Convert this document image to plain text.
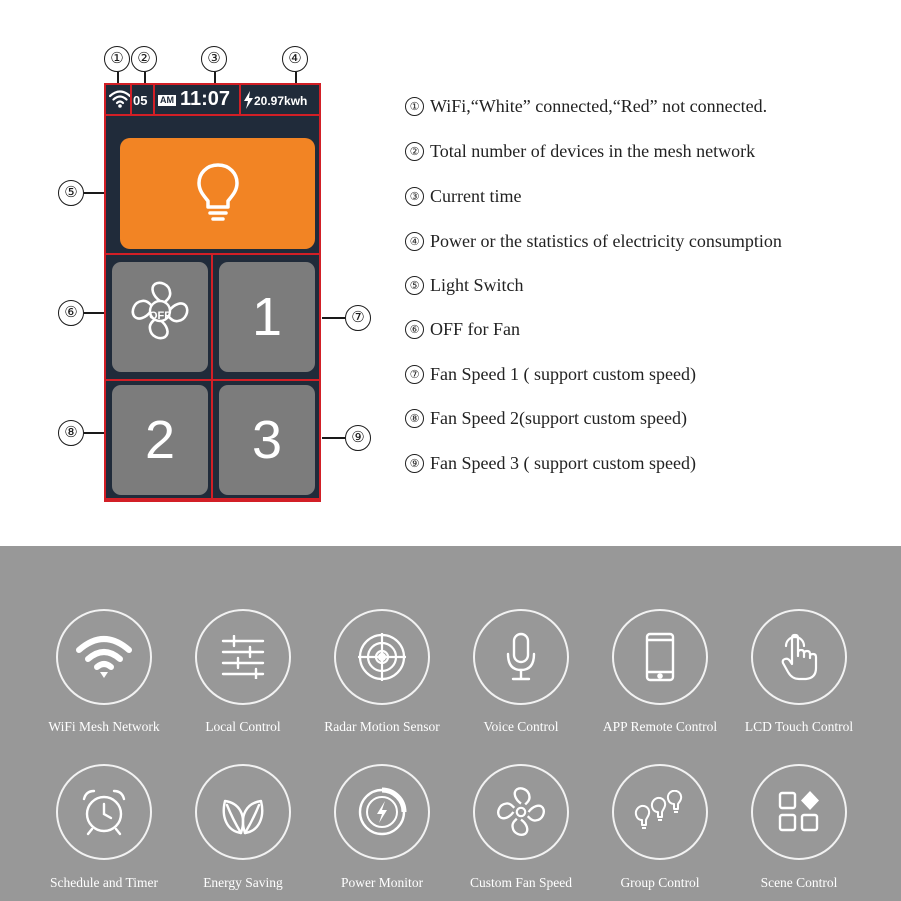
① ②	③	④
⑤
⑥	⑦
⑧	⑨
05 AM 11:07 20.97kwh
OFF	1
2	3
① WiFi,“White” connected,“Red” not connected.
② Total number of devices in the mesh network
③ Current time
④ Power or the statistics of electricity consumption
⑤ Light Switch
⑥ OFF for Fan
⑦ Fan Speed 1 ( support custom speed)
⑧ Fan Speed 2(support custom speed)
⑨ Fan Speed 3 ( support custom speed)
WiFi Mesh Network	Local Control	Radar Motion Sensor	Voice Control	APP Remote Control	LCD Touch Control
Schedule and Timer	Energy Saving	Power Monitor	Custom Fan Speed	Group Control	Scene Control
